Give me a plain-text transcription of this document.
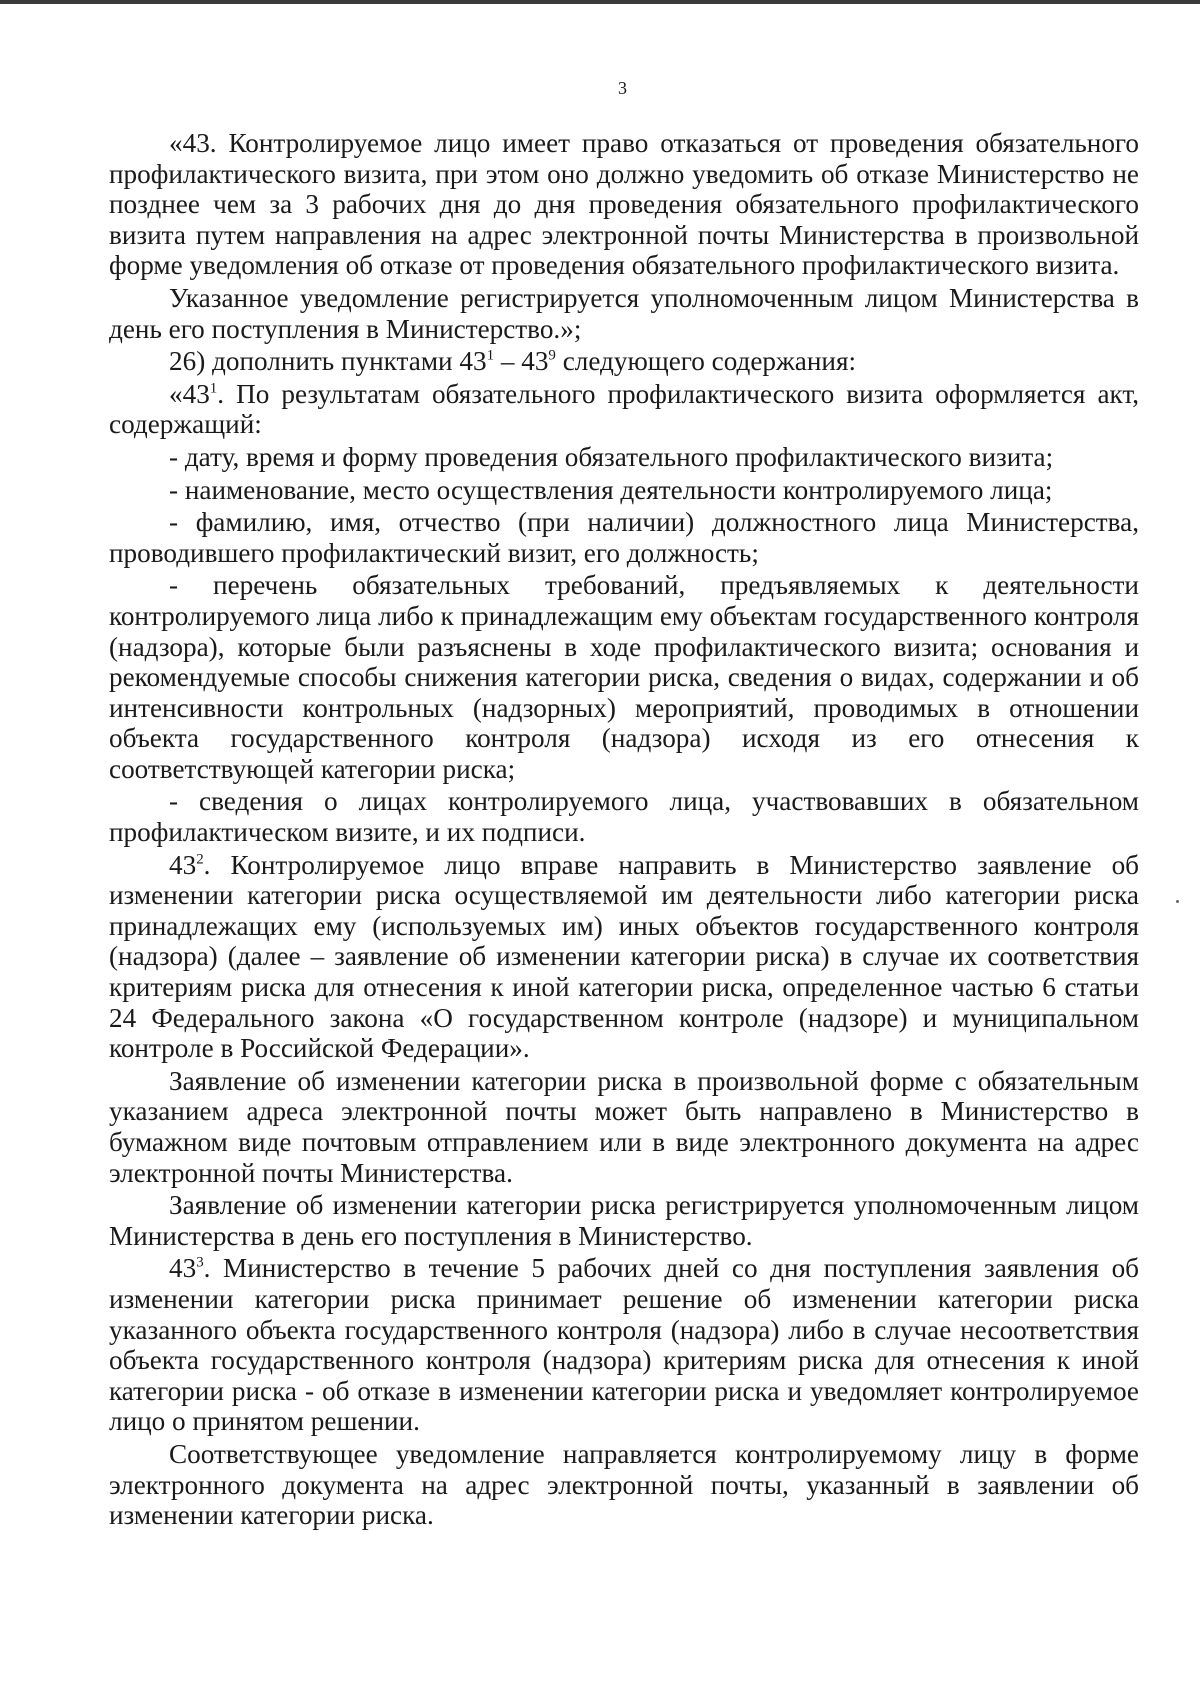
3

«43. Контролируемое лицо имеет право отказаться от проведения обязательного профилактического визита, при этом оно должно уведомить об отказе Министерство не позднее чем за 3 рабочих дня до дня проведения обязательного профилактического визита путем направления на адрес электронной почты Министерства в произвольной форме уведомления об отказе от проведения обязательного профилактического визита.

Указанное уведомление регистрируется уполномоченным лицом Министерства в день его поступления в Министерство.»;

26) дополнить пунктами $43^1 - 43^9$ следующего содержания:

«$43^1$. По результатам обязательного профилактического визита оформляется акт, содержащий:

- дату, время и форму проведения обязательного профилактического визита;

- наименование, место осуществления деятельности контролируемого лица;

- фамилию, имя, отчество (при наличии) должностного лица Министерства, проводившего профилактический визит, его должность;

- перечень обязательных требований, предъявляемых к деятельности контролируемого лица либо к принадлежащим ему объектам государственного контроля (надзора), которые были разъяснены в ходе профилактического визита; основания и рекомендуемые способы снижения категории риска, сведения о видах, содержании и об интенсивности контрольных (надзорных) мероприятий, проводимых в отношении объекта государственного контроля (надзора) исходя из его отнесения к соответствующей категории риска;

- сведения о лицах контролируемого лица, участвовавших в обязательном профилактическом визите, и их подписи.

$43^2$. Контролируемое лицо вправе направить в Министерство заявление об изменении категории риска осуществляемой им деятельности либо категории риска принадлежащих ему (используемых им) иных объектов государственного контроля (надзора) (далее – заявление об изменении категории риска) в случае их соответствия критериям риска для отнесения к иной категории риска, определенное частью 6 статьи 24 Федерального закона «О государственном контроле (надзоре) и муниципальном контроле в Российской Федерации».

Заявление об изменении категории риска в произвольной форме с обязательным указанием адреса электронной почты может быть направлено в Министерство в бумажном виде почтовым отправлением или в виде электронного документа на адрес электронной почты Министерства.

Заявление об изменении категории риска регистрируется уполномоченным лицом Министерства в день его поступления в Министерство.

$43^3$. Министерство в течение 5 рабочих дней со дня поступления заявления об изменении категории риска принимает решение об изменении категории риска указанного объекта государственного контроля (надзора) либо в случае несоответствия объекта государственного контроля (надзора) критериям риска для отнесения к иной категории риска - об отказе в изменении категории риска и уведомляет контролируемое лицо о принятом решении.

Соответствующее уведомление направляется контролируемому лицу в форме электронного документа на адрес электронной почты, указанный в заявлении об изменении категории риска.
